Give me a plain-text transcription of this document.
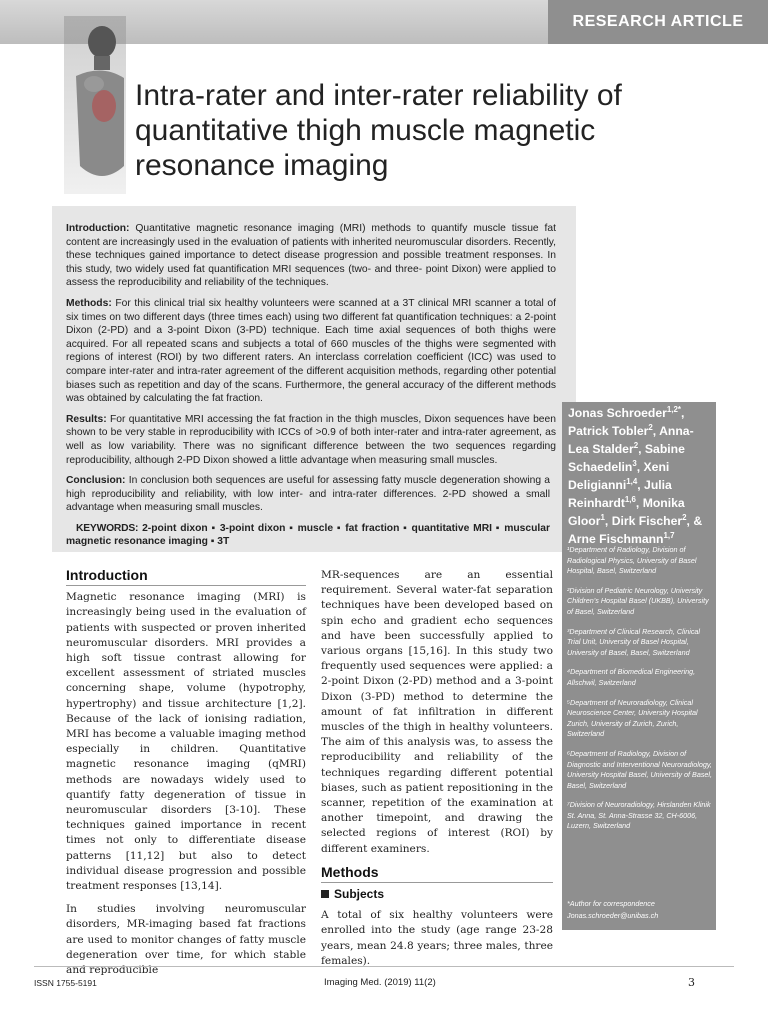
RESEARCH ARTICLE
Intra-rater and inter-rater reliability of quantitative thigh muscle magnetic resonance imaging

Introduction: Quantitative magnetic resonance imaging (MRI) methods to quantify muscle tissue fat content are increasingly used in the evaluation of patients with inherited neuromuscular disorders. Recently, these techniques gained importance to detect disease progression and possible treatment responses. In this study, two widely used fat quantification MRI sequences (two- and three- point Dixon) were applied to assess the reproducibility and reliability of the techniques.

Methods: For this clinical trial six healthy volunteers were scanned at a 3T clinical MRI scanner a total of six times on two different days (three times each) using two different fat quantification techniques: a 2-point Dixon (2-PD) and a 3-point Dixon (3-PD) technique. Each time axial sequences of both thighs were acquired. For all repeated scans and subjects a total of 660 muscles of the thighs were segmented with regions of interest (ROI) by two different raters. An interclass correlation coefficient (ICC) was used to compare inter-rater and intra-rater agreement of the different acquisition methods, regarding other potential biases such as repetition and day of the scans. Furthermore, the general accuracy of the different methods was obtained by calculating the fat fraction.

Results: For quantitative MRI accessing the fat fraction in the thigh muscles, Dixon sequences have been shown to be very stable in reproducibility with ICCs of >0.9 of both inter-rater and intra-rater agreement, as well as low variability. There was no significant difference between the two sequences regarding reproducibility, although 2-PD Dixon showed a little advantage when measuring small muscles.

Conclusion: In conclusion both sequences are useful for assessing fatty muscle degeneration showing a high reproducibility and reliability, with low inter- and intra-rater differences. 2-PD showed a small advantage when measuring small muscles.

KEYWORDS: 2-point dixon ▪ 3-point dixon ▪ muscle ▪ fat fraction ▪ quantitative MRI ▪ muscular magnetic resonance imaging ▪ 3T

Jonas Schroeder$^{1,2*}$, Patrick Tobler$^2$, Anna-Lea Stalder$^2$, Sabine Schaedelin$^3$, Xeni Deligianni$^{1,4}$, Julia Reinhardt$^{1,6}$, Monika Gloor$^1$, Dirk Fischer$^2$, & Arne Fischmann$^{1,7}$

¹Department of Radiology, Division of Radiological Physics, University of Basel Hospital, Basel, Switzerland

²Division of Pediatric Neurology, University Children’s Hospital Basel (UKBB), University of Basel, Switzerland

³Department of Clinical Research, Clinical Trial Unit, University of Basel Hospital, University of Basel, Basel, Switzerland

⁴Department of Biomedical Engineering, Allschwil, Switzerland

⁵Department of Neuroradiology, Clinical Neuroscience Center, University Hospital Zurich, University of Zurich, Zurich, Switzerland

⁶Department of Radiology, Division of Diagnostic and Interventional Neuroradiology, University Hospital Basel, University of Basel, Basel, Switzerland

⁷Division of Neuroradiology, Hirslanden Klinik St. Anna, St. Anna-Strasse 32, CH-6006, Luzern, Switzerland

*Author for correspondence
Jonas.schroeder@unibas.ch
Introduction

Magnetic resonance imaging (MRI) is increasingly being used in the evaluation of patients with suspected or proven inherited neuromuscular disorders. MRI provides a high soft tissue contrast allowing for excellent assessment of striated muscles concerning shape, volume (hypotrophy, hypertrophy) and tissue architecture [1,2]. Because of the lack of ionising radiation, MRI has become a valuable imaging method especially in children. Quantitative magnetic resonance imaging (qMRI) methods are nowadays widely used to quantify fatty degeneration of tissue in neuromuscular disorders [3-10]. These techniques gained importance in recent times not only to differentiate disease patterns [11,12] but also to detect individual disease progression and possible treatment responses [13,14].

In studies involving neuromuscular disorders, MR-imaging based fat fractions are used to monitor changes of fatty muscle degeneration over time, for which stable and reproducible

MR-sequences are an essential requirement. Several water-fat separation techniques have been developed based on spin echo and gradient echo sequences and have been successfully applied to various organs [15,16]. In this study two frequently used sequences were applied: a 2-point Dixon (2-PD) method and a 3-point Dixon (3-PD) method to determine the amount of fat infiltration in different muscles of the thigh in healthy volunteers. The aim of this analysis was, to assess the reproducibility and reliability of the techniques regarding different potential biases, such as patient repositioning in the scanner, repetition of the examination at another timepoint, and drawing the selected regions of interest (ROI) by different examiners.

Methods
Subjects

A total of six healthy volunteers were enrolled into the study (age range 23-28 years, mean 24.8 years; three males, three females).

ISSN 1755-5191	Imaging Med. (2019) 11(2)	3
